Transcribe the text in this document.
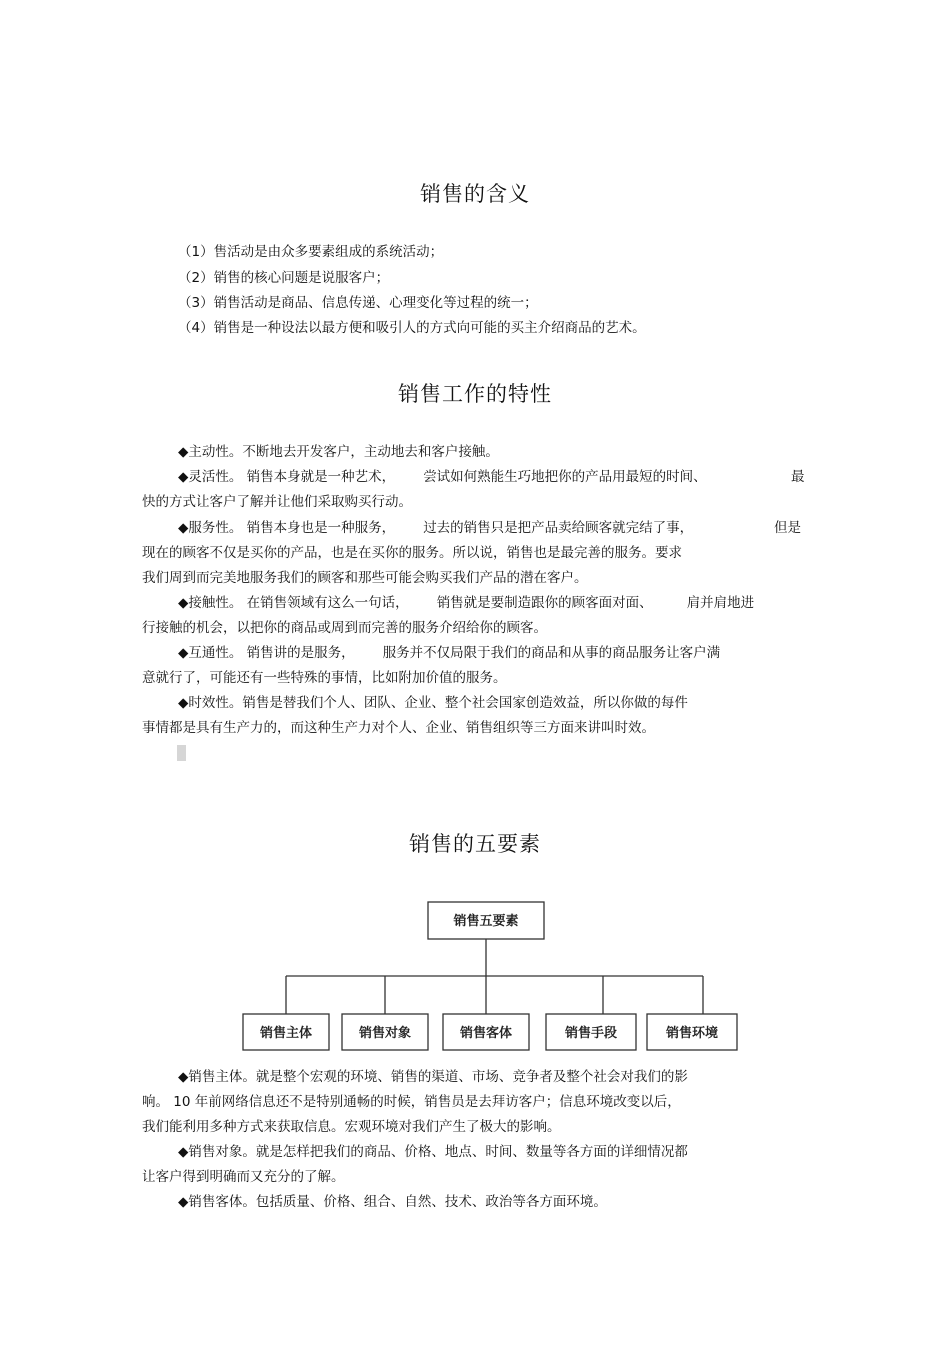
销售的含义
（1）售活动是由众多要素组成的系统活动；
（2）销售的核心问题是说服客户；
（3）销售活动是商品、信息传递、心理变化等过程的统一；
（4）销售是一种设法以最方便和吸引人的方式向可能的买主介绍商品的艺术。
销售工作的特性
◆主动性。不断地去开发客户，主动地去和客户接触。
◆灵活性。 销售本身就是一种艺术， 尝试如何熟能生巧地把你的产品用最短的时间、	最
快的方式让客户了解并让他们采取购买行动。
◆服务性。 销售本身也是一种服务， 过去的销售只是把产品卖给顾客就完结了事，	但是
现在的顾客不仅是买你的产品，也是在买你的服务。所以说，销售也是最完善的服务。要求
我们周到而完美地服务我们的顾客和那些可能会购买我们产品的潜在客户。
◆接触性。 在销售领域有这么一句话， 销售就是要制造跟你的顾客面对面、	肩并肩地进
行接触的机会，以把你的商品或周到而完善的服务介绍给你的顾客。
◆互通性。 销售讲的是服务， 服务并不仅局限于我们的商品和从事的商品服务让客户满
意就行了，可能还有一些特殊的事情，比如附加价值的服务。
◆时效性。销售是替我们个人、团队、企业、整个社会国家创造效益，所以你做的每件
事情都是具有生产力的，而这种生产力对个人、企业、销售组织等三方面来讲叫时效。
销售的五要素
销售五要素
销售主体	销售对象	销售客体	销售手段	销售环境
◆销售主体。就是整个宏观的环境、销售的渠道、市场、竞争者及整个社会对我们的影
响。 10 年前网络信息还不是特别通畅的时候，销售员是去拜访客户；信息环境改变以后，
我们能利用多种方式来获取信息。宏观环境对我们产生了极大的影响。
◆销售对象。就是怎样把我们的商品、价格、地点、时间、数量等各方面的详细情况都
让客户得到明确而又充分的了解。
◆销售客体。包括质量、价格、组合、自然、技术、政治等各方面环境。
